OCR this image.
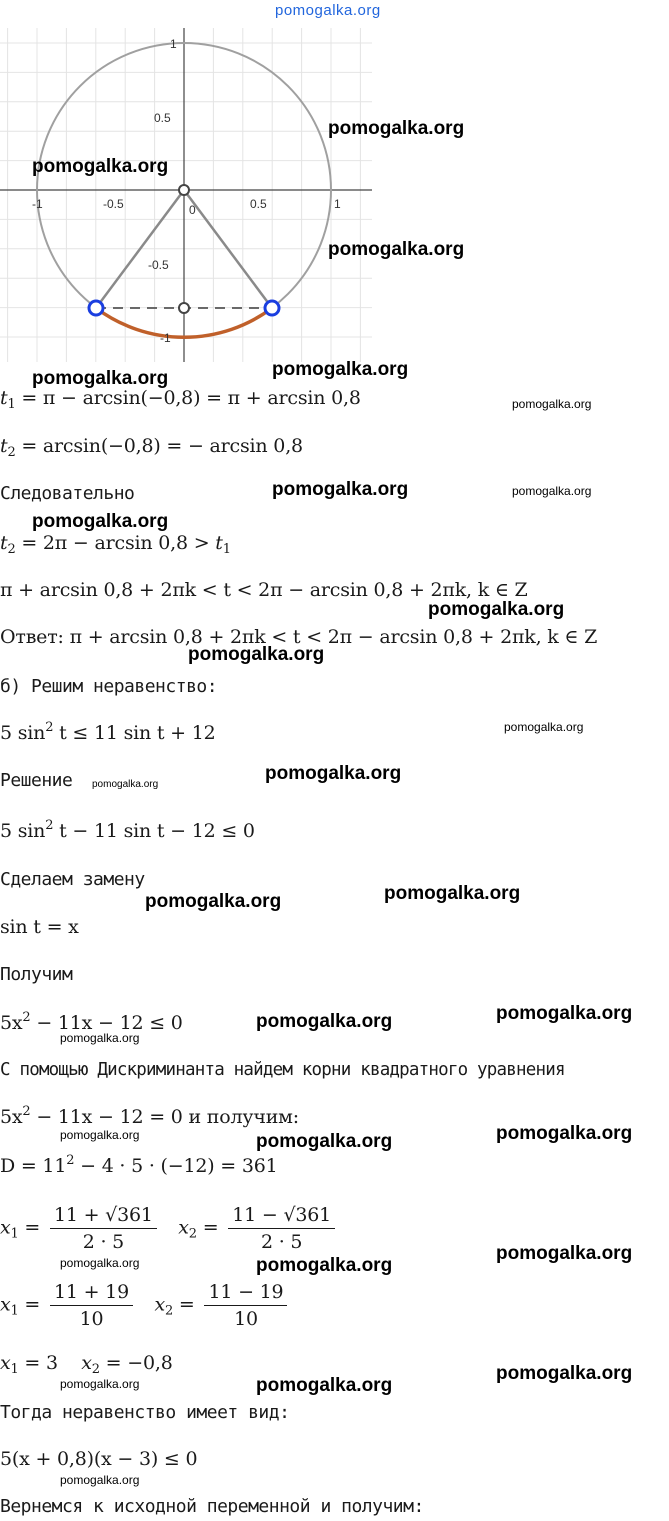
pomogalka.org
-1	-0.5	0	0.5	1
1
0.5
-0.5
-1
pomogalka.org
pomogalka.org
pomogalka.org
pomogalka.org
pomogalka.org
pomogalka.org
pomogalka.org
pomogalka.org
pomogalka.org
pomogalka.org
pomogalka.org
pomogalka.org
pomogalka.org
pomogalka.org
pomogalka.org
pomogalka.org
pomogalka.org
pomogalka.org
pomogalka.org
pomogalka.org
pomogalka.org
pomogalka.org
pomogalka.org
pomogalka.org
pomogalka.org
pomogalka.org
pomogalka.org
pomogalka.org
pomogalka.org
$t_1 = \pi - \arcsin(-0,8) = \pi + \arcsin 0,8$
$t_2 = \arcsin(-0,8)$ = − arcsin 0,8
Следовательно
$t_2 = 2\pi - \arcsin 0,8 > t_1$
π + arcsin 0,8 + 2πk < t < 2π − arcsin 0,8 + 2πk, k ∈ Z
Ответ: π + arcsin 0,8 + 2πk < t < 2π − arcsin 0,8 + 2πk, k ∈ Z
б) Решим неравенство:
5 $\sin^2 t \le 11$ sin t + 12
Решение
5 $\sin^2 t - 11$ sin t − 12 ≤ 0
Сделаем замену
sin t = x
Получим
$5x^2 - 11x - 12 \le 0$
С помощью Дискриминанта найдем корни квадратного уравнения
$5x^2 - 11x - 12 = 0$ и получим:
$D = 11^2 - 4 \cdot 5 \cdot (-12) = 361$
$x_1 = \frac{11 + √361}{2 \cdot 5} x_2 = \frac{11 - √361}{2 \cdot 5}$
$x_1 = \frac{11 + 19}{10} x_2 = \frac{11 - 19}{10}$
$x_1 = 3$ $x_2 = -0,8$
Тогда неравенство имеет вид:
5(x + 0,8)(x − 3) ≤ 0
Вернемся к исходной переменной и получим:
